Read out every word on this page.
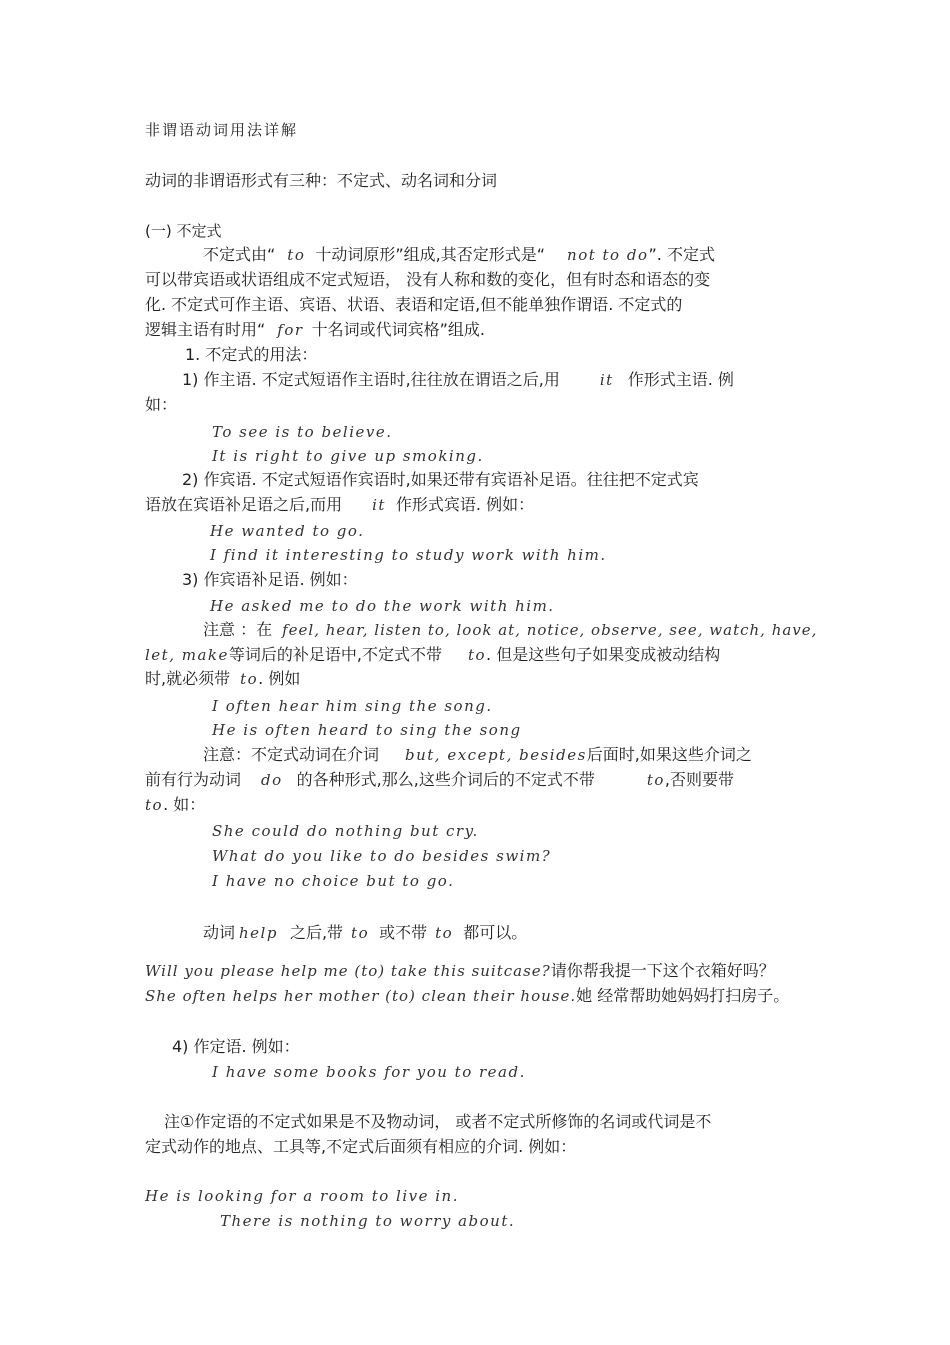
非谓语动词用法详解
动词的非谓语形式有三种：不定式、动名词和分词
(一) 不定式
不定式由“ to 十动词原形”组成,其否定形式是“ not to do”. 不定式
可以带宾语或状语组成不定式短语， 没有人称和数的变化，但有时态和语态的变
化. 不定式可作主语、宾语、状语、表语和定语,但不能单独作谓语. 不定式的
逻辑主语有时用“ for 十名词或代词宾格”组成.
1. 不定式的用法：
1) 作主语. 不定式短语作主语时,往往放在谓语之后,用	it 作形式主语. 例
如：
To see is to believe.
It is right to give up smoking.
2) 作宾语. 不定式短语作宾语时,如果还带有宾语补足语。往往把不定式宾
语放在宾语补足语之后,而用 it 作形式宾语. 例如：
He wanted to go.
I find it interesting to study work with him.
3) 作宾语补足语. 例如：
He asked me to do the work with him.
注意 ：在 feel, hear, listen to, look at, notice, observe, see, watch, have,
let, make等词后的补足语中,不定式不带 to. 但是这些句子如果变成被动结构
时,就必须带 to. 例如
I often hear him sing the song.
He is often heard to sing the song
注意：不定式动词在介词 but, except, besides后面时,如果这些介词之
前有行为动词 do 的各种形式,那么,这些介词后的不定式不带	to,否则要带
to. 如：
She could do nothing but cry.
What do you like to do besides swim?
I have no choice but to go.
动词 help 之后,带 to 或不带 to 都可以。
Will you please help me (to) take this suitcase?请你帮我提一下这个衣箱好吗？
She often helps her mother (to) clean their house.她 经常帮助她妈妈打扫房子。
4) 作定语. 例如：
I have some books for you to read.
注①作定语的不定式如果是不及物动词， 或者不定式所修饰的名词或代词是不
定式动作的地点、工具等,不定式后面须有相应的介词. 例如：
He is looking for a room to live in.
There is nothing to worry about.
